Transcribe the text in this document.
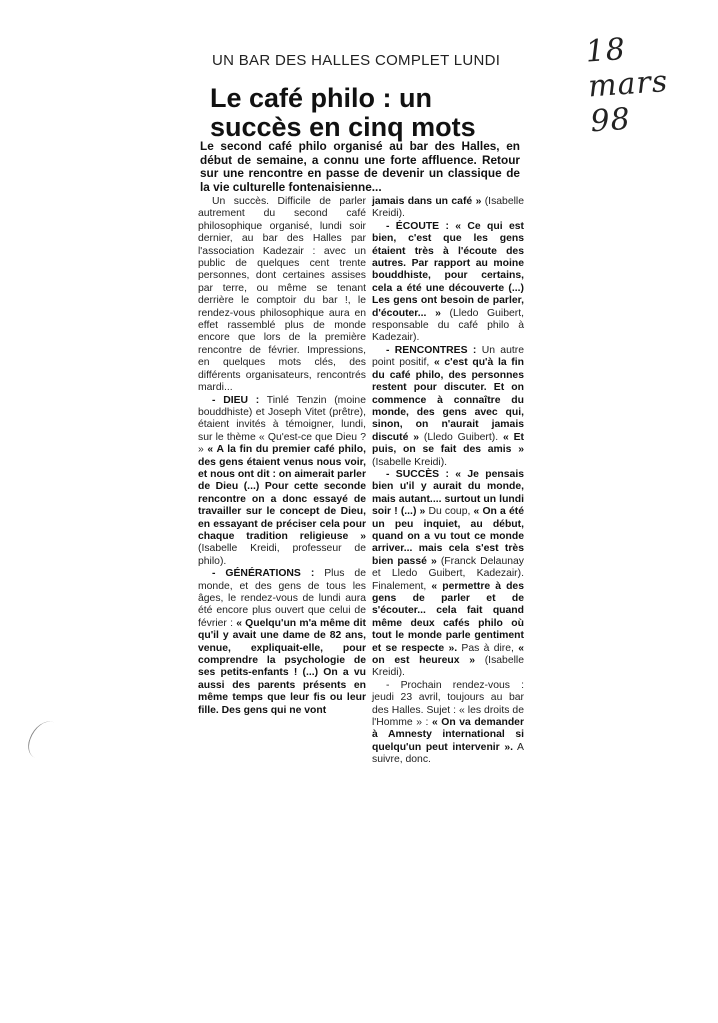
18 mars 98
UN BAR DES HALLES COMPLET LUNDI
Le café philo : un succès en cinq mots
Le second café philo organisé au bar des Halles, en début de semaine, a connu une forte affluence. Retour sur une rencontre en passe de devenir un classique de la vie culturelle fontenaisienne...

Un succès. Difficile de parler autrement du second café philosophique organisé, lundi soir dernier, au bar des Halles par l'association Kadezair : avec un public de quelques cent trente personnes, dont certaines assises par terre, ou même se tenant derrière le comptoir du bar !, le rendez-vous philosophique aura en effet rassemblé plus de monde encore que lors de la première rencontre de février. Impressions, en quelques mots clés, des différents organisateurs, rencontrés mardi...

- DIEU : Tinlé Tenzin (moine bouddhiste) et Joseph Vitet (prêtre), étaient invités à témoigner, lundi, sur le thème « Qu'est-ce que Dieu ? » « A la fin du premier café philo, des gens étaient venus nous voir, et nous ont dit : on aimerait parler de Dieu (...) Pour cette seconde rencontre on a donc essayé de travailler sur le concept de Dieu, en essayant de préciser cela pour chaque tradition religieuse » (Isabelle Kreidi, professeur de philo).

- GÉNÉRATIONS : Plus de monde, et des gens de tous les âges, le rendez-vous de lundi aura été encore plus ouvert que celui de février : « Quelqu'un m'a même dit qu'il y avait une dame de 82 ans, venue, expliquait-elle, pour comprendre la psychologie de ses petits-enfants ! (...) On a vu aussi des parents présents en même temps que leur fis ou leur fille. Des gens qui ne vont

jamais dans un café » (Isabelle Kreidi).

- ÉCOUTE : « Ce qui est bien, c'est que les gens étaient très à l'écoute des autres. Par rapport au moine bouddhiste, pour certains, cela a été une découverte (...) Les gens ont besoin de parler, d'écouter... » (Lledo Guibert, responsable du café philo à Kadezair).

- RENCONTRES : Un autre point positif, « c'est qu'à la fin du café philo, des personnes restent pour discuter. Et on commence à connaître du monde, des gens avec qui, sinon, on n'aurait jamais discuté » (Lledo Guibert). « Et puis, on se fait des amis » (Isabelle Kreidi).

- SUCCÈS : « Je pensais bien u'il y aurait du monde, mais autant.... surtout un lundi soir ! (...) » Du coup, « On a été un peu inquiet, au début, quand on a vu tout ce monde arriver... mais cela s'est très bien passé » (Franck Delaunay et Lledo Guibert, Kadezair). Finalement, « permettre à des gens de parler et de s'écouter... cela fait quand même deux cafés philo où tout le monde parle gentiment et se respecte ». Pas à dire, « on est heureux » (Isabelle Kreidi).

- Prochain rendez-vous : jeudi 23 avril, toujours au bar des Halles. Sujet : « les droits de l'Homme » : « On va demander à Amnesty international si quelqu'un peut intervenir ». A suivre, donc.
